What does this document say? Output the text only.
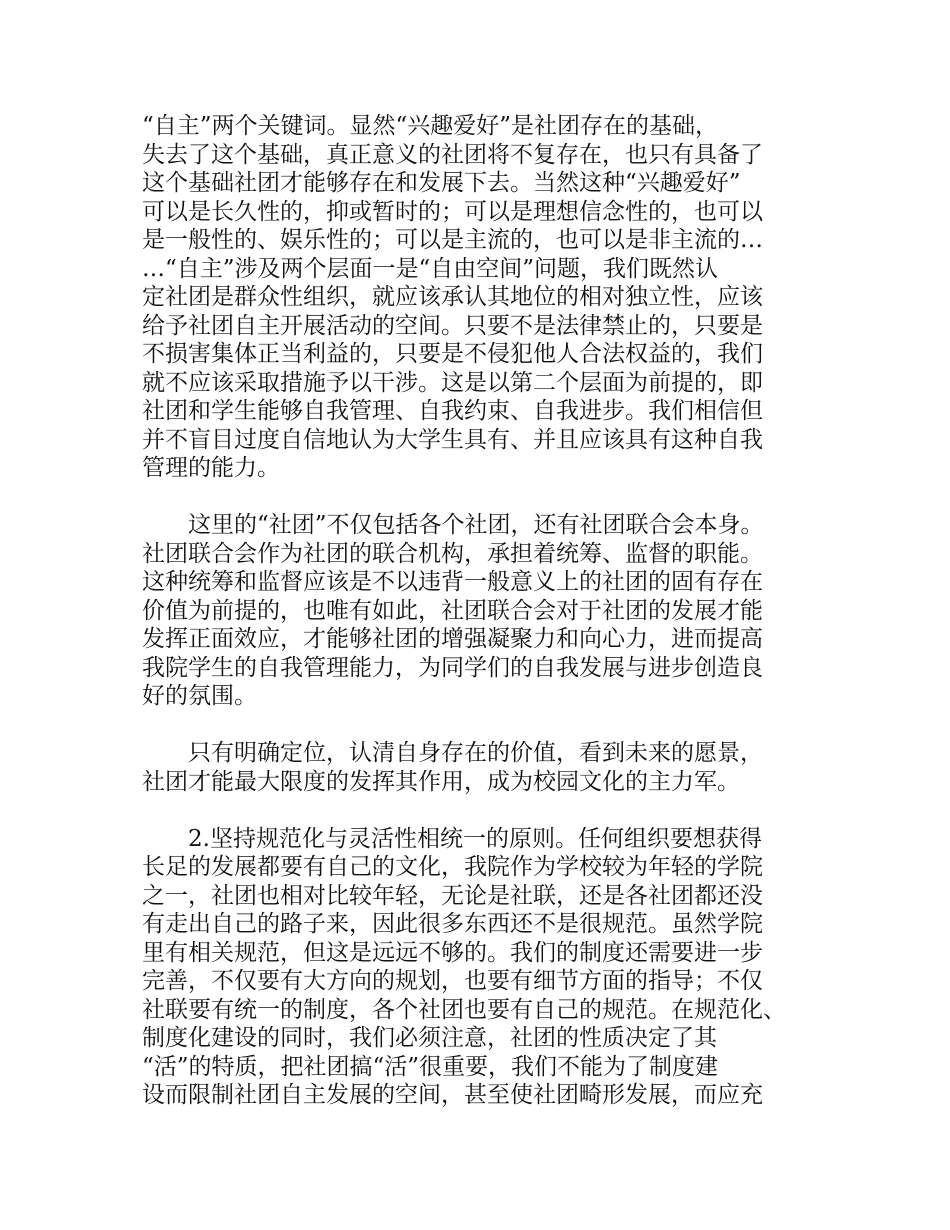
“自主”两个关键词。显然“兴趣爱好”是社团存在的基础，
失去了这个基础，真正意义的社团将不复存在，也只有具备了
这个基础社团才能够存在和发展下去。当然这种“兴趣爱好”
可以是长久性的，抑或暂时的；可以是理想信念性的，也可以
是一般性的、娱乐性的；可以是主流的，也可以是非主流的…
…“自主”涉及两个层面一是“自由空间”问题，我们既然认
定社团是群众性组织，就应该承认其地位的相对独立性，应该
给予社团自主开展活动的空间。只要不是法律禁止的，只要是
不损害集体正当利益的，只要是不侵犯他人合法权益的，我们
就不应该采取措施予以干涉。这是以第二个层面为前提的，即
社团和学生能够自我管理、自我约束、自我进步。我们相信但
并不盲目过度自信地认为大学生具有、并且应该具有这种自我
管理的能力。
　　这里的“社团”不仅包括各个社团，还有社团联合会本身。
社团联合会作为社团的联合机构，承担着统筹、监督的职能。
这种统筹和监督应该是不以违背一般意义上的社团的固有存在
价值为前提的，也唯有如此，社团联合会对于社团的发展才能
发挥正面效应，才能够社团的增强凝聚力和向心力，进而提高
我院学生的自我管理能力，为同学们的自我发展与进步创造良
好的氛围。
　　只有明确定位，认清自身存在的价值，看到未来的愿景，
社团才能最大限度的发挥其作用，成为校园文化的主力军。
　　2.坚持规范化与灵活性相统一的原则。任何组织要想获得
长足的发展都要有自己的文化，我院作为学校较为年轻的学院
之一，社团也相对比较年轻，无论是社联，还是各社团都还没
有走出自己的路子来，因此很多东西还不是很规范。虽然学院
里有相关规范，但这是远远不够的。我们的制度还需要进一步
完善，不仅要有大方向的规划，也要有细节方面的指导；不仅
社联要有统一的制度，各个社团也要有自己的规范。在规范化、
制度化建设的同时，我们必须注意，社团的性质决定了其
“活”的特质，把社团搞“活”很重要，我们不能为了制度建
设而限制社团自主发展的空间，甚至使社团畸形发展，而应充
